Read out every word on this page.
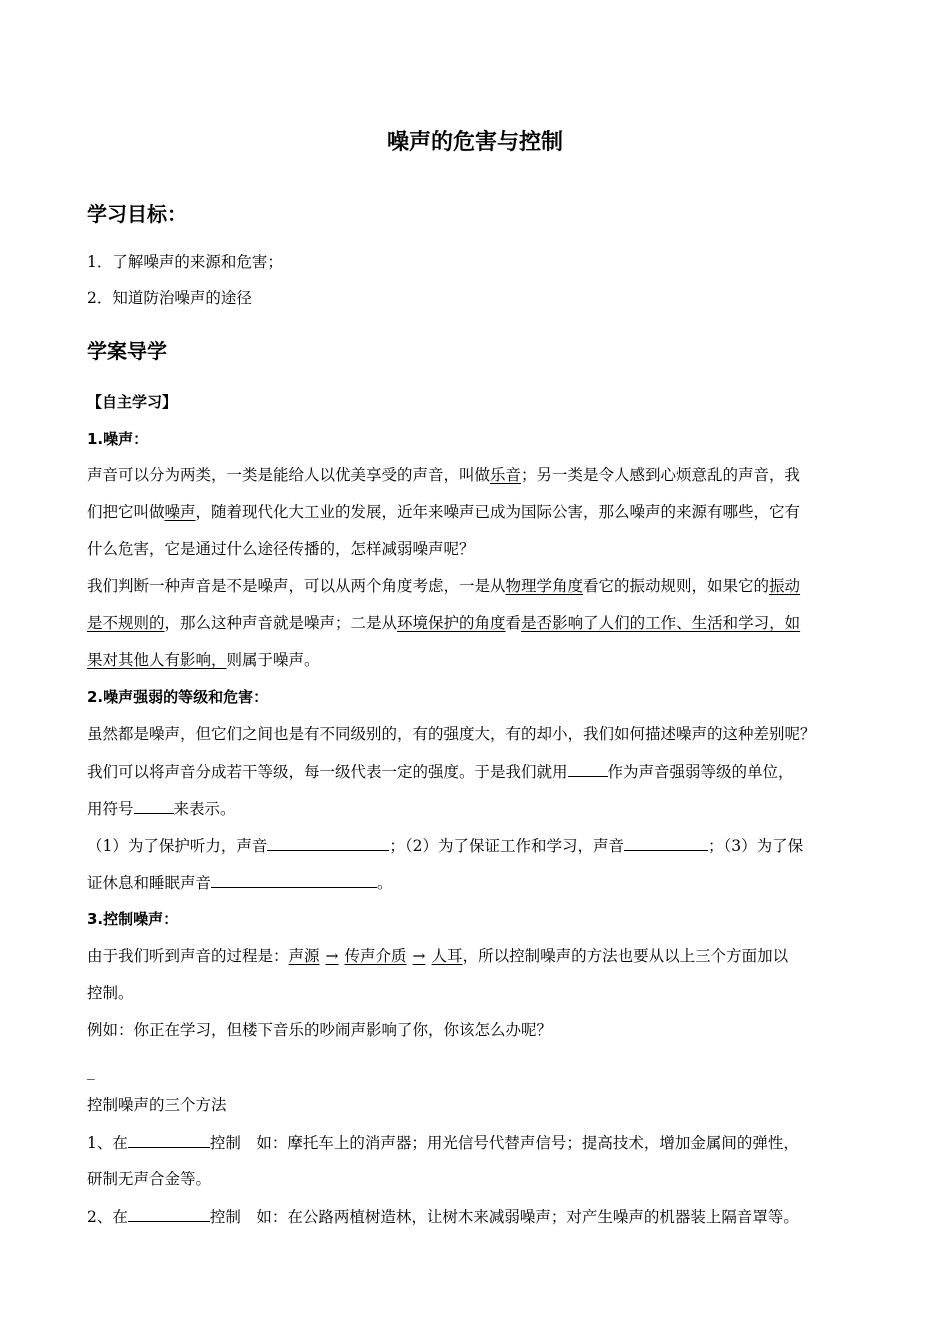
噪声的危害与控制
学习目标：

1．了解噪声的来源和危害；

2．知道防治噪声的途径

学案导学

【自主学习】

1.噪声：

声音可以分为两类，一类是能给人以优美享受的声音，叫做乐音；另一类是令人感到心烦意乱的声音，我

们把它叫做噪声，随着现代化大工业的发展，近年来噪声已成为国际公害，那么噪声的来源有哪些，它有

什么危害，它是通过什么途径传播的，怎样减弱噪声呢？

我们判断一种声音是不是噪声，可以从两个角度考虑，一是从物理学角度看它的振动规则，如果它的振动

是不规则的，那么这种声音就是噪声；二是从环境保护的角度看是否影响了人们的工作、生活和学习，如

果对其他人有影响，则属于噪声。

2.噪声强弱的等级和危害：

虽然都是噪声，但它们之间也是有不同级别的，有的强度大，有的却小，我们如何描述噪声的这种差别呢？

我们可以将声音分成若干等级，每一级代表一定的强度。于是我们就用	作为声音强弱等级的单位，

用符号	来表示。

（1）为了保护听力，声音	；（2）为了保证工作和学习，声音	；（3）为了保

证休息和睡眠声音	。

3.控制噪声：

由于我们听到声音的过程是：声源 → 传声介质 → 人耳，所以控制噪声的方法也要从以上三个方面加以

控制。

例如：你正在学习，但楼下音乐的吵闹声影响了你，你该怎么办呢？

_

控制噪声的三个方法

1、在	控制　如：摩托车上的消声器；用光信号代替声信号；提高技术，增加金属间的弹性，

研制无声合金等。

2、在	控制　如：在公路两植树造林，让树木来减弱噪声；对产生噪声的机器装上隔音罩等。
